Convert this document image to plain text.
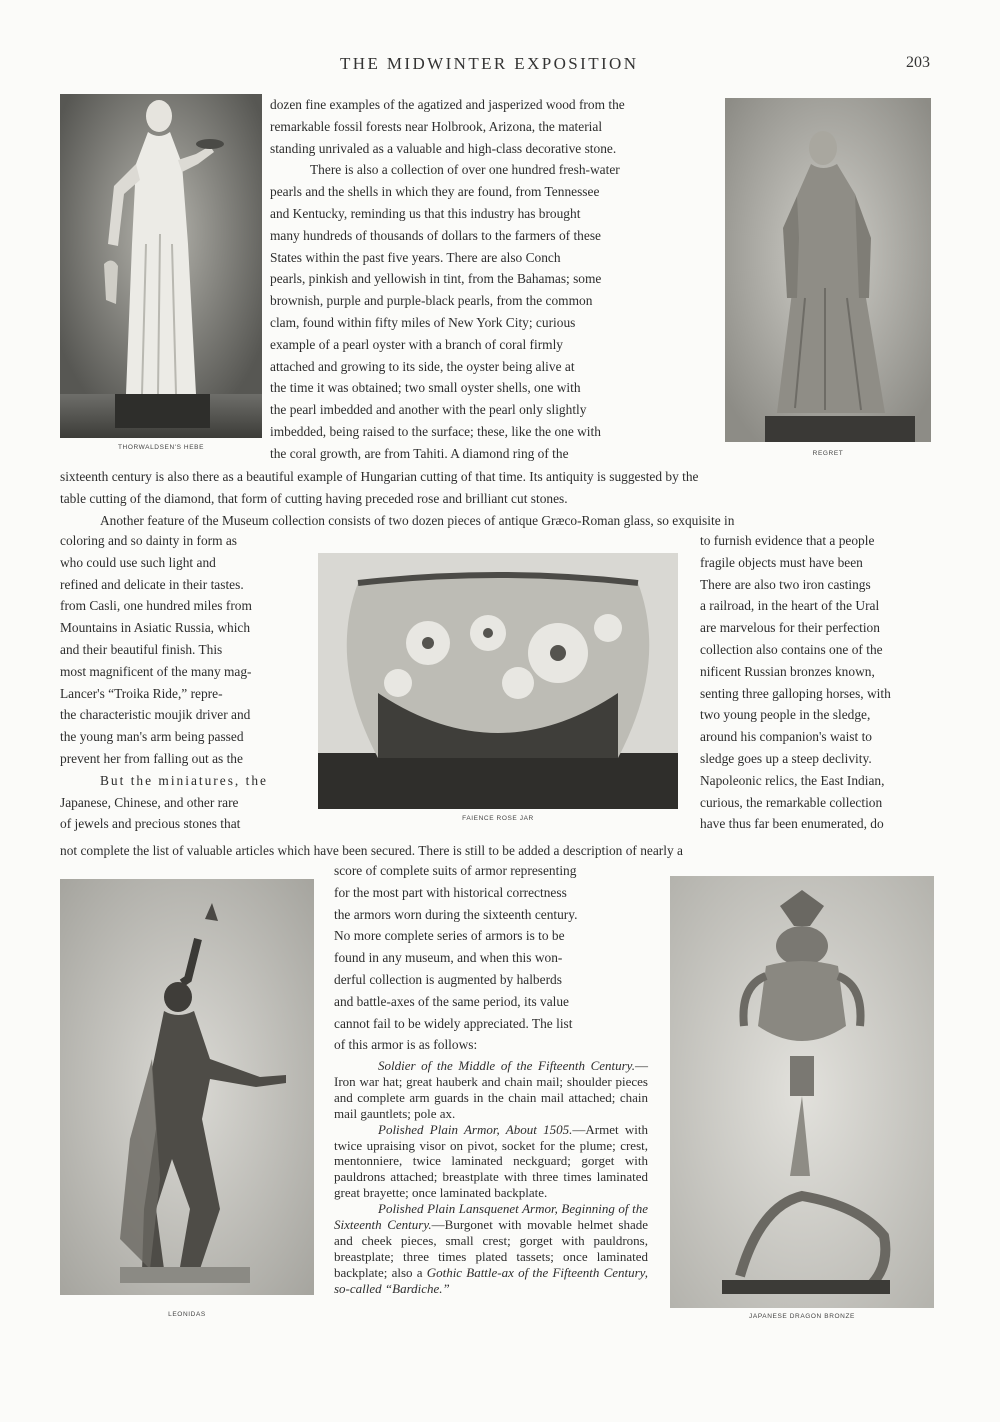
THE MIDWINTER EXPOSITION	203
THORWALDSEN'S HEBE
REGRET

dozen fine examples of the agatized and jasperized wood from the

remarkable fossil forests near Holbrook, Arizona, the material

standing unrivaled as a valuable and high-class decorative stone.

There is also a collection of over one hundred fresh-water

pearls and the shells in which they are found, from Tennessee

and Kentucky, reminding us that this industry has brought

many hundreds of thousands of dollars to the farmers of these

States within the past five years. There are also Conch

pearls, pinkish and yellowish in tint, from the Bahamas; some

brownish, purple and purple-black pearls, from the common

clam, found within fifty miles of New York City; curious

example of a pearl oyster with a branch of coral firmly

attached and growing to its side, the oyster being alive at

the time it was obtained; two small oyster shells, one with

the pearl imbedded and another with the pearl only slightly

imbedded, being raised to the surface; these, like the one with

the coral growth, are from Tahiti. A diamond ring of the

sixteenth century is also there as a beautiful example of Hungarian cutting of that time. Its antiquity is suggested by the

table cutting of the diamond, that form of cutting having preceded rose and brilliant cut stones.

Another feature of the Museum collection consists of two dozen pieces of antique Græco-Roman glass, so exquisite in

coloring and so dainty in form as

who could use such light and

refined and delicate in their tastes.

from Casli, one hundred miles from

Mountains in Asiatic Russia, which

and their beautiful finish. This

most magnificent of the many mag-

Lancer's “Troika Ride,” repre-

the characteristic moujik driver and

the young man's arm being passed

prevent her from falling out as the

But the miniatures, the

Japanese, Chinese, and other rare

of jewels and precious stones that	FAIENCE ROSE JAR

to furnish evidence that a people

fragile objects must have been

There are also two iron castings

a railroad, in the heart of the Ural

are marvelous for their perfection

collection also contains one of the

nificent Russian bronzes known,

senting three galloping horses, with

two young people in the sledge,

around his companion's waist to

sledge goes up a steep declivity.

Napoleonic relics, the East Indian,

curious, the remarkable collection

have thus far been enumerated, do

not complete the list of valuable articles which have been secured. There is still to be added a description of nearly a

LEONIDAS

score of complete suits of armor representing

for the most part with historical correctness

the armors worn during the sixteenth century.

No more complete series of armors is to be

found in any museum, and when this won-

derful collection is augmented by halberds

and battle-axes of the same period, its value

cannot fail to be widely appreciated. The list

of this armor is as follows:

Soldier of the Middle of the Fifteenth Century.—Iron war hat; great hauberk and chain mail; shoulder pieces and complete arm guards in the chain mail attached; chain mail gauntlets; pole ax.

Polished Plain Armor, About 1505.—Armet with twice upraising visor on pivot, socket for the plume; crest, mentonniere, twice laminated neckguard; gorget with pauldrons attached; breastplate with three times laminated great brayette; once laminated backplate.

Polished Plain Lansquenet Armor, Beginning of the Sixteenth Century.—Burgonet with movable helmet shade and cheek pieces, small crest; gorget with pauldrons, breastplate; three times plated tassets; once laminated backplate; also a Gothic Battle-ax of the Fifteenth Century, so-called “Bardiche.”

JAPANESE DRAGON BRONZE
